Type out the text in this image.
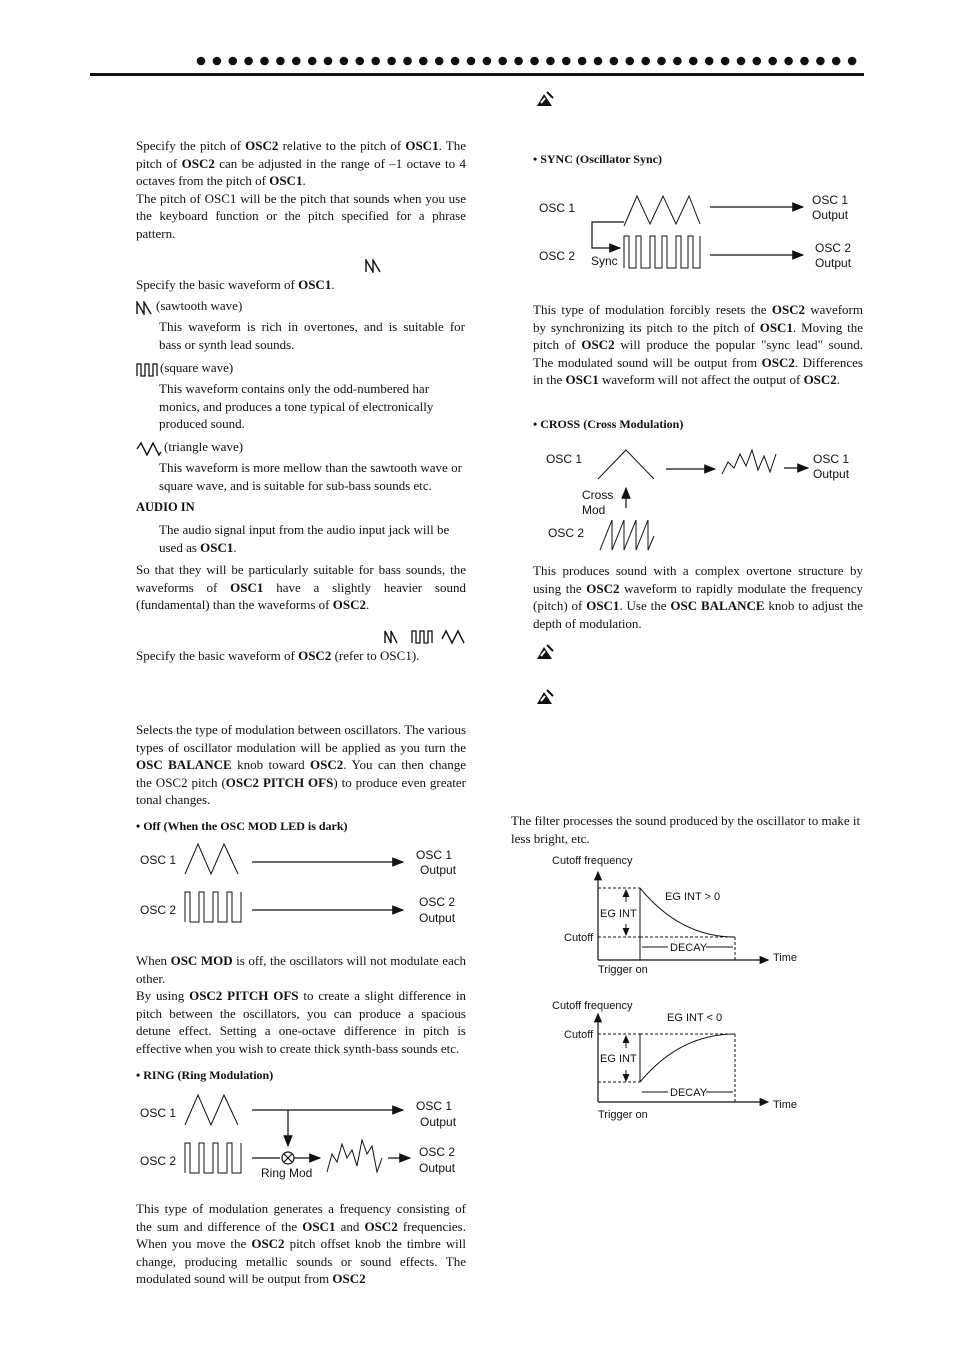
Specify the pitch of OSC2 relative to the pitch of OSC1. The pitch of OSC2 can be adjusted in the range of –1 octave to 4 octaves from the pitch of OSC1.
The pitch of OSC1 will be the pitch that sounds when you use the keyboard function or the pitch specified for a phrase pattern.
Specify the basic waveform of OSC1.
(sawtooth wave)
This waveform is rich in overtones, and is suitable for bass or synth lead sounds.
(square wave)
This waveform contains only the odd-numbered har monics, and produces a tone typical of electronically produced sound.
(triangle wave)
This waveform is more mellow than the sawtooth wave or square wave, and is suitable for sub-bass sounds etc.
AUDIO IN
The audio signal input from the audio input jack will be used as OSC1.
So that they will be particularly suitable for bass sounds, the waveforms of OSC1 have a slightly heavier sound (fundamental) than the waveforms of OSC2.
Specify the basic waveform of OSC2 (refer to OSC1).
Selects the type of modulation between oscillators. The various types of oscillator modulation will be applied as you turn the OSC BALANCE knob toward OSC2. You can then change the OSC2 pitch (OSC2 PITCH OFS) to produce even greater tonal changes.
• Off (When the OSC MOD LED is dark)
OSC 1	OSC 1
Output
OSC 2
OSC 2
Output
When OSC MOD is off, the oscillators will not modulate each other.
By using OSC2 PITCH OFS to create a slight difference in pitch between the oscillators, you can produce a spacious detune effect. Setting a one-octave difference in pitch is effective when you wish to create thick synth-bass sounds etc.
• RING (Ring Modulation)
OSC 1	OSC 1
Output
OSC 2
Ring Mod
OSC 2
Output
This type of modulation generates a frequency consisting of the sum and difference of the OSC1 and OSC2 frequencies. When you move the OSC2 pitch offset knob the timbre will change, producing metallic sounds or sound effects. The modulated sound will be output from OSC2
• SYNC (Oscillator Sync)
OSC 1
OSC 1
Output
OSC 2 Sync
OSC 2
Output
This type of modulation forcibly resets the OSC2 waveform by synchronizing its pitch to the pitch of OSC1. Moving the pitch of OSC2 will produce the popular "sync lead" sound. The modulated sound will be output from OSC2. Differences in the OSC1 waveform will not affect the output of OSC2.
• CROSS (Cross Modulation)
OSC 1	OSC 1
Output
Cross
Mod
OSC 2
This produces sound with a complex overtone structure by using the OSC2 waveform to rapidly modulate the frequency (pitch) of OSC1. Use the OSC BALANCE knob to adjust the depth of modulation.
The filter processes the sound produced by the oscillator to make it less bright, etc.
Cutoff frequency
Time
Trigger on
Cutoff
EG INT
EG INT > 0
DECAY
Cutoff frequency
Time
Trigger on
Cutoff
EG INT
EG INT < 0
DECAY
